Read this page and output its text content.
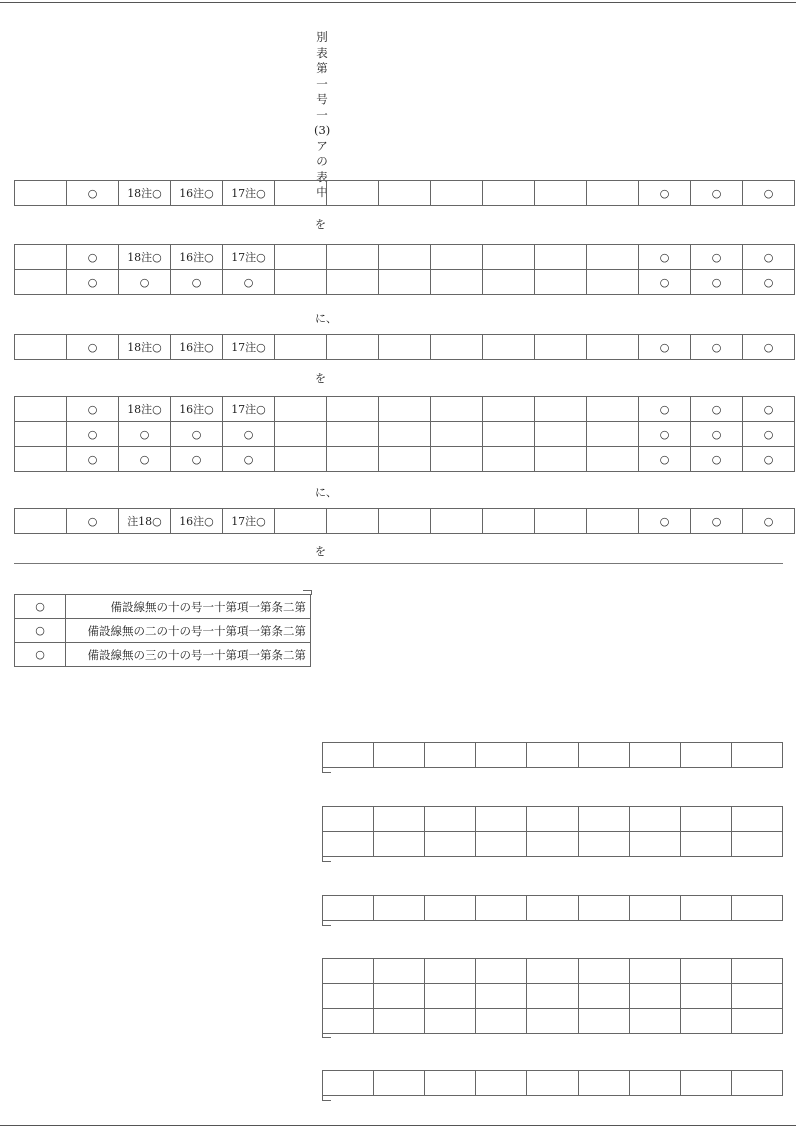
別表第一号一(3)アの表中
	○	18注○	16注○	17注○								○	○	○
を
	○	18注○	16注○	17注○								○	○	○
	○	○	○	○								○	○	○
に、
	○	18注○	16注○	17注○								○	○	○
を
	○	18注○	16注○	17注○								○	○	○
	○	○	○	○								○	○	○
	○	○	○	○								○	○	○
に、
	○	注18○	16注○	17注○								○	○	○
を
○	備設線無の十の号一十第項一第条二第
○	備設線無の二の十の号一十第項一第条二第
○	備設線無の三の十の号一十第項一第条二第
